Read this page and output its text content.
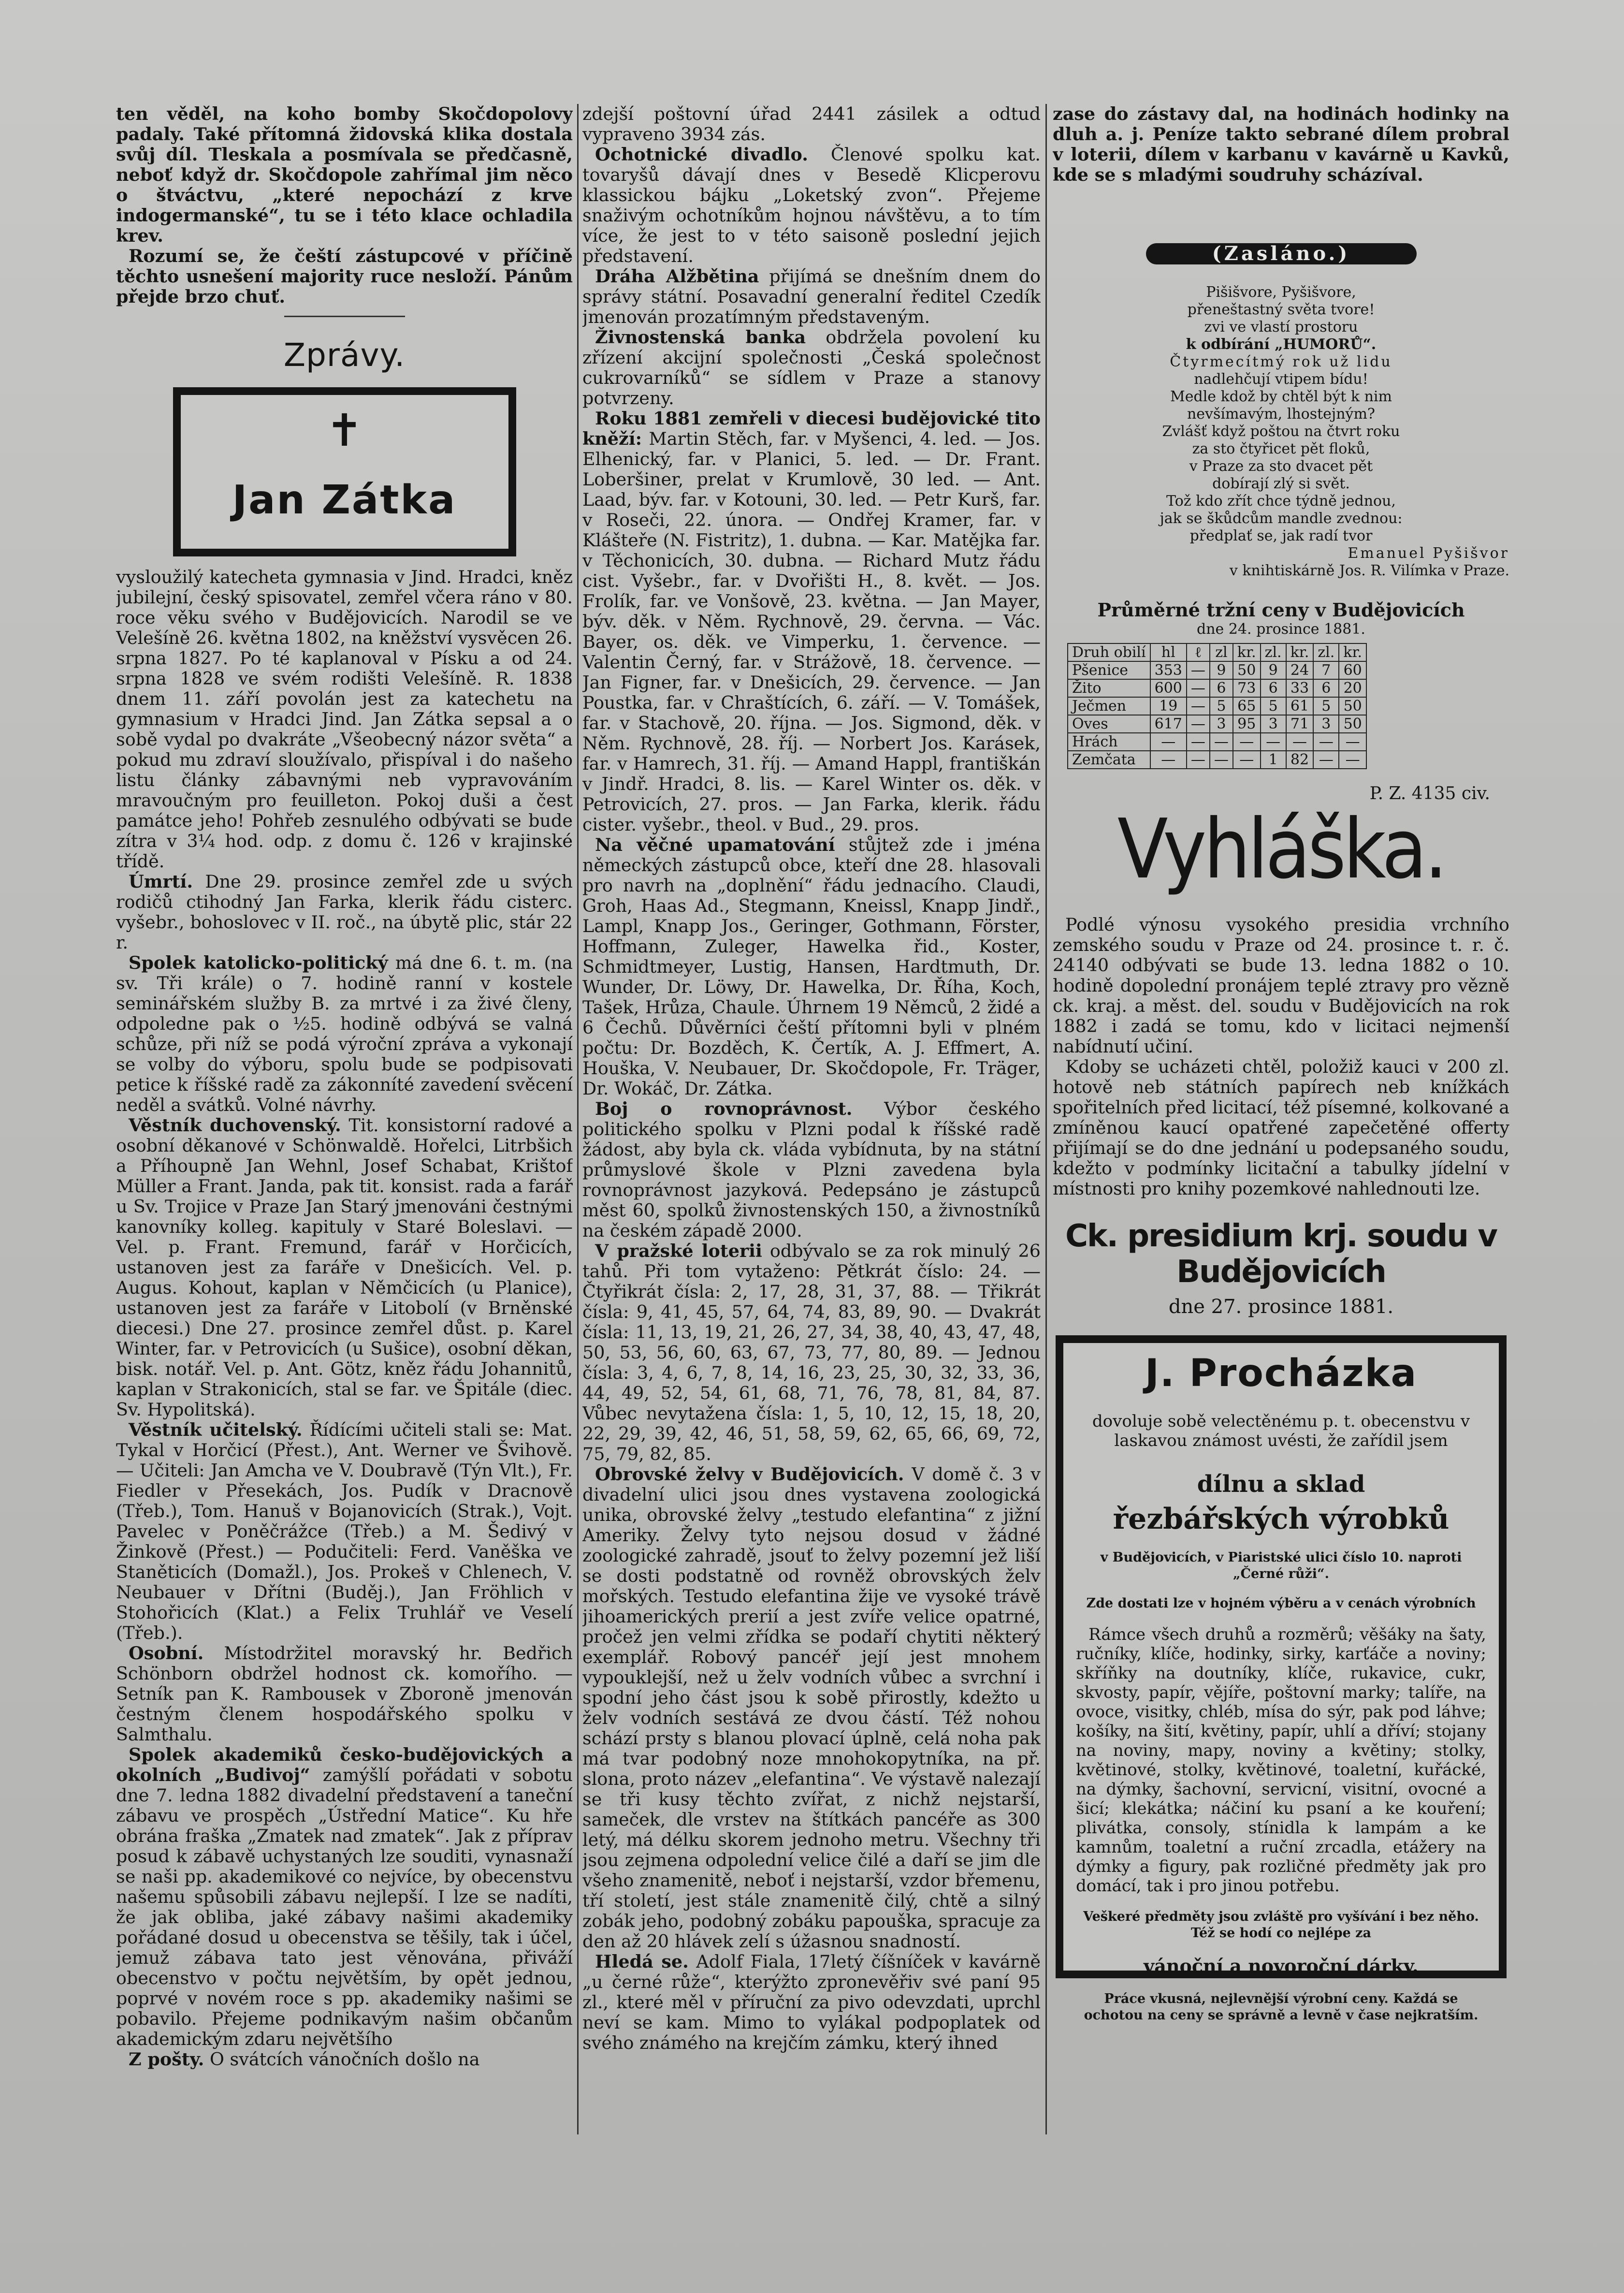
ten věděl, na koho bomby Skočdopolovy padaly. Také přítomná židovská klika dostala svůj díl. Tleskala a posmívala se předčasně, neboť když dr. Skočdopole zahřímal jim něco o štváctvu, „které nepochází z krve indogermanské“, tu se i této klace ochladila krev.

Rozumí se, že čeští zástupcové v příčině těchto usnešení majority ruce nesloží. Pánům přejde brzo chuť.

Zprávy.
✝
Jan Zátka

vysloužilý katecheta gymnasia v Jind. Hradci, kněz jubilejní, český spisovatel, zemřel včera ráno v 80. roce věku svého v Budějovicích. Narodil se ve Velešíně 26. května 1802, na kněžství vysvěcen 26. srpna 1827. Po té kaplanoval v Písku a od 24. srpna 1828 ve svém rodišti Velešíně. R. 1838 dnem 11. září povolán jest za katechetu na gymnasium v Hradci Jind. Jan Zátka sepsal a o sobě vydal po dvakráte „Všeobecný názor světa“ a pokud mu zdraví sloužívalo, přispíval i do našeho listu články zábavnými neb vypravováním mravoučným pro feuilleton. Pokoj duši a čest památce jeho! Pohřeb zesnulého odbývati se bude zítra v 3¼ hod. odp. z domu č. 126 v krajinské třídě.

Úmrtí. Dne 29. prosince zemřel zde u svých rodičů ctihodný Jan Farka, klerik řádu cisterc. vyšebr., bohoslovec v II. roč., na úbytě plic, stár 22 r.

Spolek katolicko-politický má dne 6. t. m. (na sv. Tři krále) o 7. hodině ranní v kostele seminářském služby B. za mrtvé i za živé členy, odpoledne pak o ½5. hodině odbývá se valná schůze, při níž se podá výroční zpráva a vykonají se volby do výboru, spolu bude se podpisovati petice k říšské radě za zákonníté zavedení svěcení neděl a svátků. Volné návrhy.

Věstník duchovenský. Tit. konsistorní radové a osobní děkanové v Schönwaldě. Hořelci, Litrbšich a Příhoupně Jan Wehnl, Josef Schabat, Krištof Müller a Frant. Janda, pak tit. konsist. rada a farář u Sv. Trojice v Praze Jan Starý jmenováni čestnými kanovníky kolleg. kapituly v Staré Boleslavi. — Vel. p. Frant. Fremund, farář v Horčicích, ustanoven jest za faráře v Dnešicích. Vel. p. Augus. Kohout, kaplan v Němčicích (u Planice), ustanoven jest za faráře v Litobolí (v Brněnské diecesi.) Dne 27. prosince zemřel důst. p. Karel Winter, far. v Petrovicích (u Sušice), osobní děkan, bisk. notář. Vel. p. Ant. Götz, kněz řádu Johannitů, kaplan v Strakonicích, stal se far. ve Špitále (diec. Sv. Hypolitská).

Věstník učitelský. Řídícími učiteli stali se: Mat. Tykal v Horčicí (Přest.), Ant. Werner ve Švihově. — Učiteli: Jan Amcha ve V. Doubravě (Týn Vlt.), Fr. Fiedler v Přesekách, Jos. Pudík v Dracnově (Třeb.), Tom. Hanuš v Bojanovicích (Strak.), Vojt. Pavelec v Poněčrážce (Třeb.) a M. Šedivý v Žinkově (Přest.) — Podučiteli: Ferd. Vaněška ve Staněticích (Domažl.), Jos. Prokeš v Chlenech, V. Neubauer v Dřítni (Buděj.), Jan Fröhlich v Stohořicích (Klat.) a Felix Truhlář ve Veselí (Třeb.).

Osobní. Místodržitel moravský hr. Bedřich Schönborn obdržel hodnost ck. komořího. — Setník pan K. Rambousek v Zboroně jmenován čestným členem hospodářského spolku v Salmthalu.

Spolek akademiků česko-budějovických a okolních „Budivoj“ zamýšlí pořádati v sobotu dne 7. ledna 1882 divadelní představení a taneční zábavu ve prospěch „Ústřední Matice“. Ku hře obrána fraška „Zmatek nad zmatek“. Jak z příprav posud k zábavě uchystaných lze souditi, vynasnaží se naši pp. akademikové co nejvíce, by obecenstvu našemu spůsobili zábavu nejlepší. I lze se nadíti, že jak obliba, jaké zábavy našimi akademiky pořádané dosud u obecenstva se těšily, tak i účel, jemuž zábava tato jest věnována, přiváží obecenstvo v počtu největším, by opět jednou, poprvé v novém roce s pp. akademiky našimi se pobavilo. Přejeme podnikavým našim občanům akademickým zdaru největšího

Z pošty. O svátcích vánočních došlo na

zdejší poštovní úřad 2441 zásilek a odtud vypraveno 3934 zás.

Ochotnické divadlo. Členové spolku kat. tovaryšů dávají dnes v Besedě Klicperovu klassickou bájku „Loketský zvon“. Přejeme snaživým ochotníkům hojnou návštěvu, a to tím více, že jest to v této saisoně poslední jejich představení.

Dráha Alžbětina přijímá se dnešním dnem do správy státní. Posavadní generalní ředitel Czedík jmenován prozatímným představeným.

Živnostenská banka obdržela povolení ku zřízení akcijní společnosti „Česká společnost cukrovarníků“ se sídlem v Praze a stanovy potvrzeny.

Roku 1881 zemřeli v diecesi budějovické tito kněží: Martin Stěch, far. v Myšenci, 4. led. — Jos. Elhenický, far. v Planici, 5. led. — Dr. Frant. Loberšiner, prelat v Krumlově, 30 led. — Ant. Laad, býv. far. v Kotouni, 30. led. — Petr Kurš, far. v Roseči, 22. února. — Ondřej Kramer, far. v Klášteře (N. Fistritz), 1. dubna. — Kar. Matějka far. v Těchonicích, 30. dubna. — Richard Mutz řádu cist. Vyšebr., far. v Dvořišti H., 8. květ. — Jos. Frolík, far. ve Vonšově, 23. května. — Jan Mayer, býv. děk. v Něm. Rychnově, 29. června. — Vác. Bayer, os. děk. ve Vimperku, 1. července. — Valentin Černý, far. v Strážově, 18. července. — Jan Figner, far. v Dnešicích, 29. července. — Jan Poustka, far. v Chraštících, 6. září. — V. Tomášek, far. v Stachově, 20. října. — Jos. Sigmond, děk. v Něm. Rychnově, 28. říj. — Norbert Jos. Karásek, far. v Hamrech, 31. říj. — Amand Happl, františkán v Jindř. Hradci, 8. lis. — Karel Winter os. děk. v Petrovicích, 27. pros. — Jan Farka, klerik. řádu cister. vyšebr., theol. v Bud., 29. pros.

Na věčné upamatování stůjtež zde i jména německých zástupců obce, kteří dne 28. hlasovali pro navrh na „doplnění“ řádu jednacího. Claudi, Groh, Haas Ad., Stegmann, Kneissl, Knapp Jindř., Lampl, Knapp Jos., Geringer, Gothmann, Förster, Hoffmann, Zuleger, Hawelka řid., Koster, Schmidtmeyer, Lustig, Hansen, Hardtmuth, Dr. Wunder, Dr. Löwy, Dr. Hawelka, Dr. Říha, Koch, Tašek, Hrůza, Chaule. Úhrnem 19 Němců, 2 židé a 6 Čechů. Důvěrníci čeští přítomni byli v plném počtu: Dr. Bozděch, K. Čertík, A. J. Effmert, A. Houška, V. Neubauer, Dr. Skočdopole, Fr. Träger, Dr. Wokáč, Dr. Zátka.

Boj o rovnoprávnost. Výbor českého politického spolku v Plzni podal k říšské radě žádost, aby byla ck. vláda vybídnuta, by na státní průmyslové škole v Plzni zavedena byla rovnoprávnost jazyková. Pedepsáno je zástupců měst 60, spolků živnostenských 150, a živnostníků na českém západě 2000.

V pražské loterii odbývalo se za rok minulý 26 tahů. Při tom vytaženo: Pětkrát číslo: 24. — Čtyřikrát čísla: 2, 17, 28, 31, 37, 88. — Třikrát čísla: 9, 41, 45, 57, 64, 74, 83, 89, 90. — Dvakrát čísla: 11, 13, 19, 21, 26, 27, 34, 38, 40, 43, 47, 48, 50, 53, 56, 60, 63, 67, 73, 77, 80, 89. — Jednou čísla: 3, 4, 6, 7, 8, 14, 16, 23, 25, 30, 32, 33, 36, 44, 49, 52, 54, 61, 68, 71, 76, 78, 81, 84, 87. Vůbec nevytažena čísla: 1, 5, 10, 12, 15, 18, 20, 22, 29, 39, 42, 46, 51, 58, 59, 62, 65, 66, 69, 72, 75, 79, 82, 85.

Obrovské želvy v Budějovicích. V domě č. 3 v divadelní ulici jsou dnes vystavena zoologická unika, obrovské želvy „testudo elefantina“ z jižní Ameriky. Želvy tyto nejsou dosud v žádné zoologické zahradě, jsouť to želvy pozemní jež liší se dosti podstatně od rovněž obrovských želv mořských. Testudo elefantina žije ve vysoké trávě jihoamerických prerií a jest zvíře velice opatrné, pročež jen velmi zřídka se podaří chytiti některý exemplář. Robový pancéř její jest mnohem vypouklejší, než u želv vodních vůbec a svrchní i spodní jeho část jsou k sobě přirostly, kdežto u želv vodních sestává ze dvou částí. Též nohou schází prsty s blanou plovací úplně, celá noha pak má tvar podobný noze mnohokopytníka, na př. slona, proto název „elefantina“. Ve výstavě nalezají se tři kusy těchto zvířat, z nichž nejstarší, sameček, dle vrstev na štítkách pancéře as 300 letý, má délku skorem jednoho metru. Všechny tři jsou zejmena odpolední velice čilé a daří se jim dle všeho znamenitě, neboť i nejstarší, vzdor břemenu, tří století, jest stále znamenitě čilý, chtě a silný zobák jeho, podobný zobáku papouška, spracuje za den až 20 hlávek zelí s úžasnou snadností.

Hledá se. Adolf Fiala, 17letý číšníček v kavárně „u černé růže“, kterýžto zpronevěřiv své paní 95 zl., které měl v příruční za pivo odevzdati, uprchl neví se kam. Mimo to vylákal podpoplatek od svého známého na krejčím zámku, který ihned

zase do zástavy dal, na hodinách hodinky na dluh a. j. Peníze takto sebrané dílem probral v loterii, dílem v karbanu v kavárně u Kavků, kde se s mladými soudruhy scházíval.

(Zasláno.)

Pišišvore, Pyšišvore,

přeneštastný světa tvore!

zvi ve vlastí prostoru

k odbírání „HUMORŮ“.

Čtyrmecítmý rok už lidu

nadlehčují vtipem bídu!

Medle kdož by chtěl být k nim

nevšímavým, lhostejným?

Zvlášť když poštou na čtvrt roku

za sto čtyřicet pět floků,

v Praze za sto dvacet pět

dobírají zlý si svět.

Tož kdo zřít chce týdně jednou,

jak se škůdcům mandle zvednou:

předplať se, jak radí tvor

Emanuel Pyšišvor

v knihtiskárně Jos. R. Vilímka v Praze.

Průměrné tržní ceny v Budějovicích

dne 24. prosince 1881.

Druh obilí	hl	ℓ	zl	kr.	zl.	kr.	zl.	kr.
Pšenice	353	—	9	50	9	24	7	60
Žito	600	—	6	73	6	33	6	20
Ječmen	19	—	5	65	5	61	5	50
Oves	617	—	3	95	3	71	3	50
Hrách	—	—	—	—	—	—	—	—
Zemčata	—	—	—	—	1	82	—	—

P. Z. 4135 civ.

Vyhláška.

Podlé výnosu vysokého presidia vrchního zemského soudu v Praze od 24. prosince t. r. č. 24140 odbývati se bude 13. ledna 1882 o 10. hodině dopolední pronájem teplé ztravy pro vězně ck. kraj. a měst. del. soudu v Budějovicích na rok 1882 i zadá se tomu, kdo v licitaci nejmenší nabídnutí učiní.

Kdoby se ucházeti chtěl, položiž kauci v 200 zl. hotově neb státních papírech neb knížkách spořitelních před licitací, též písemné, kolkované a zmíněnou kaucí opatřené zapečetěné offerty přijímají se do dne jednání u podepsaného soudu, kdežto v podmínky licitační a tabulky jídelní v místnosti pro knihy pozemkové nahlednouti lze.

Ck. presidium krj. soudu v Budějovicích

dne 27. prosince 1881.

J. Procházka

dovoluje sobě velectěnému p. t. obecenstvu v laskavou známost uvésti, že zařídil jsem

dílnu a sklad
řezbářských výrobků

v Budějovicích, v Piaristské ulici číslo 10. naproti „Černé růži“.

Zde dostati lze v hojném výběru a v cenách výrobních

Rámce všech druhů a rozměrů; věšáky na šaty, ručníky, klíče, hodinky, sirky, karťáče a noviny; skříňky na doutníky, klíče, rukavice, cukr, skvosty, papír, vějíře, poštovní marky; talíře, na ovoce, visitky, chléb, mísa do sýr, pak pod láhve; košíky, na šití, květiny, papír, uhlí a dříví; stojany na noviny, mapy, noviny a květiny; stolky, květinové, stolky, květinové, toaletní, kuřácké, na dýmky, šachovní, servicní, visitní, ovocné a šicí; klekátka; náčiní ku psaní a ke kouření; plivátka, consoly, stínidla k lampám a ke kamnům, toaletní a ruční zrcadla, etážery na dýmky a figury, pak rozličné předměty jak pro domácí, tak i pro jinou potřebu.

Veškeré předměty jsou zvláště pro vyšívání i bez něho. Též se hodí co nejlépe za

vánoční a novoroční dárky.

Práce vkusná, nejlevnější výrobní ceny. Každá se ochotou na ceny se správně a levně v čase nejkratším.
